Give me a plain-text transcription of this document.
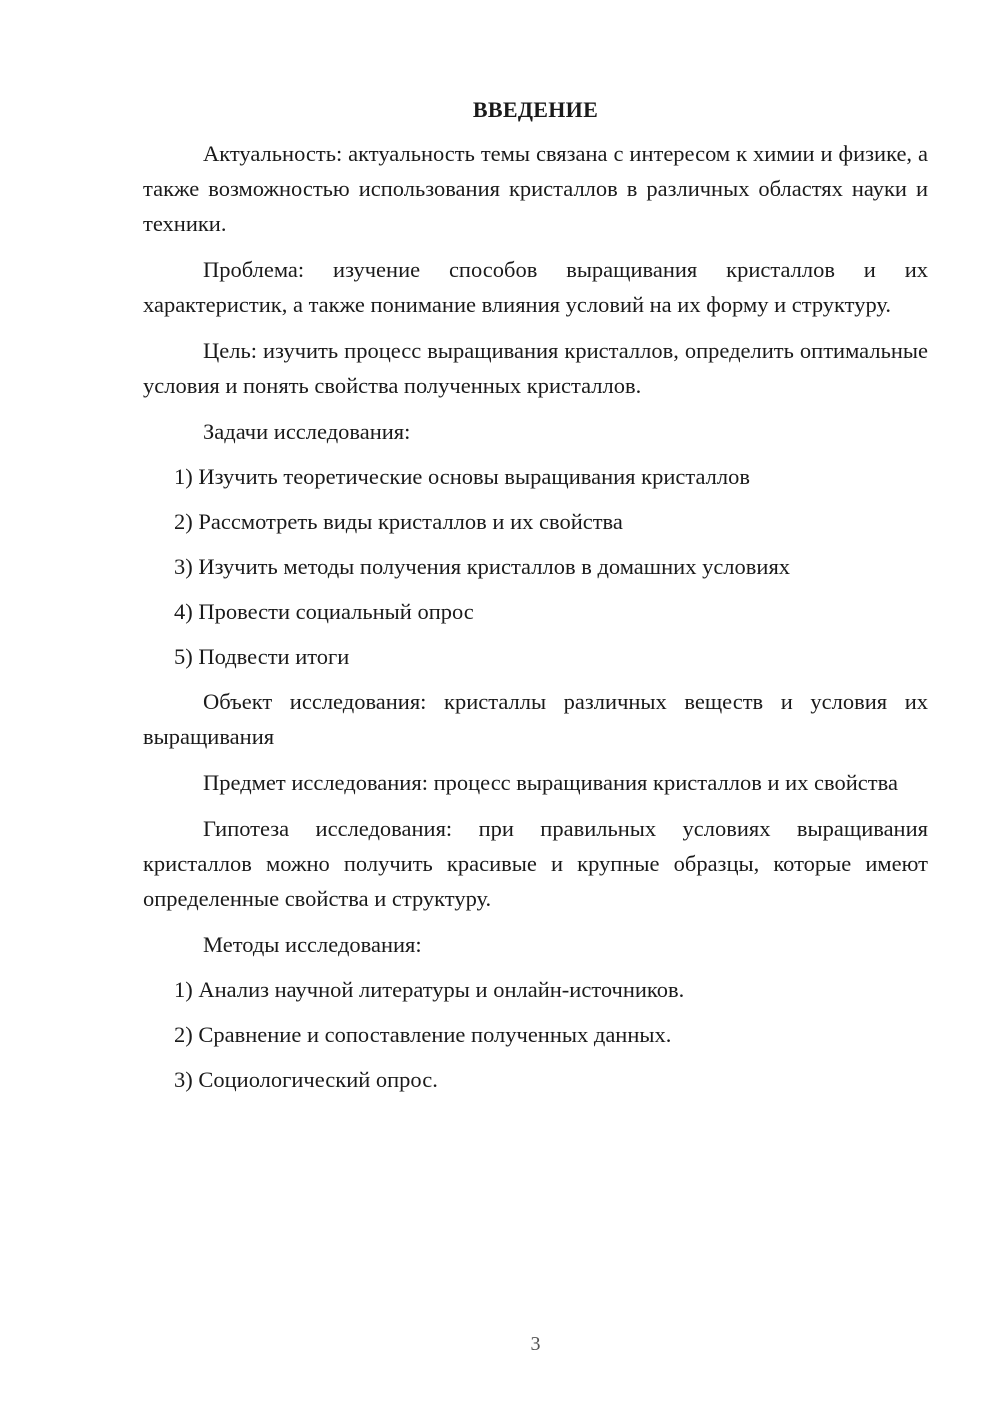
ВВЕДЕНИЕ

Актуальность: актуальность темы связана с интересом к химии и физике, а также возможностью использования кристаллов в различных областях науки и техники.

Проблема: изучение способов выращивания кристаллов и их характеристик, а также понимание влияния условий на их форму и структуру.

Цель: изучить процесс выращивания кристаллов, определить оптимальные условия и понять свойства полученных кристаллов.

Задачи исследования:

1) Изучить теоретические основы выращивания кристаллов
2) Рассмотреть виды кристаллов и их свойства
3) Изучить методы получения кристаллов в домашних условиях
4) Провести социальный опрос
5) Подвести итоги

Объект исследования: кристаллы различных веществ и условия их выращивания

Предмет исследования: процесс выращивания кристаллов и их свойства

Гипотеза исследования: при правильных условиях выращивания кристаллов можно получить красивые и крупные образцы, которые имеют определенные свойства и структуру.

Методы исследования:

1) Анализ научной литературы и онлайн-источников.
2) Сравнение и сопоставление полученных данных.
3) Социологический опрос.
3
